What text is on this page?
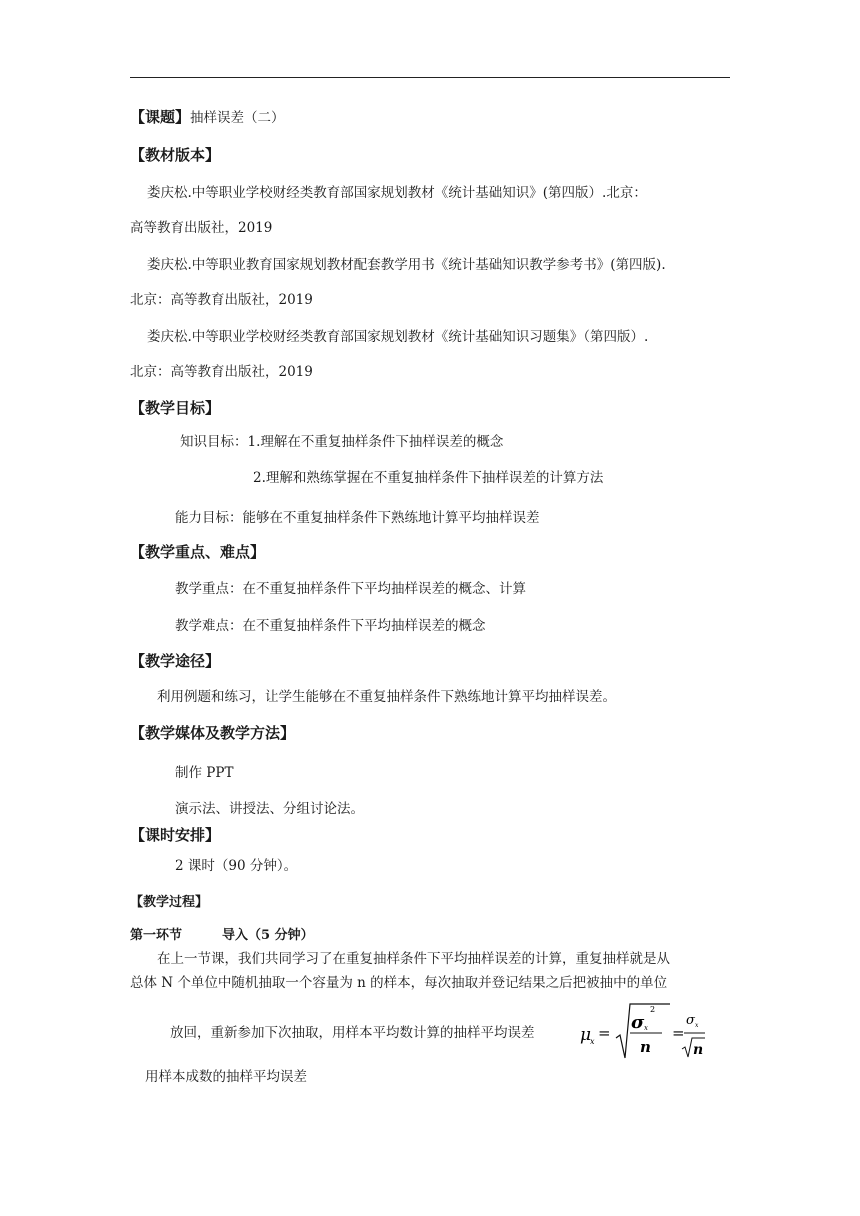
【课题】抽样误差（二）
【教材版本】
娄庆松.中等职业学校财经类教育部国家规划教材《统计基础知识》(第四版）.北京：
高等教育出版社，2019
娄庆松.中等职业教育国家规划教材配套教学用书《统计基础知识教学参考书》(第四版).
北京：高等教育出版社，2019
娄庆松.中等职业学校财经类教育部国家规划教材《统计基础知识习题集》（第四版）.
北京：高等教育出版社，2019
【教学目标】
知识目标：1.理解在不重复抽样条件下抽样误差的概念
2.理解和熟练掌握在不重复抽样条件下抽样误差的计算方法
能力目标：能够在不重复抽样条件下熟练地计算平均抽样误差
【教学重点、难点】
教学重点：在不重复抽样条件下平均抽样误差的概念、计算
教学难点：在不重复抽样条件下平均抽样误差的概念
【教学途径】
利用例题和练习，让学生能够在不重复抽样条件下熟练地计算平均抽样误差。
【教学媒体及教学方法】
制作 PPT
演示法、讲授法、分组讨论法。
【课时安排】
2 课时（90 分钟）。
【教学过程】
第一环节	导入（5 分钟）
在上一节课，我们共同学习了在重复抽样条件下平均抽样误差的计算，重复抽样就是从
总体 N 个单位中随机抽取一个容量为 n 的样本，每次抽取并登记结果之后把被抽中的单位
放回，重新参加下次抽取，用样本平均数计算的抽样平均误差
用样本成数的抽样平均误差
μ
x = σ x
2
n
=
σ x
n
